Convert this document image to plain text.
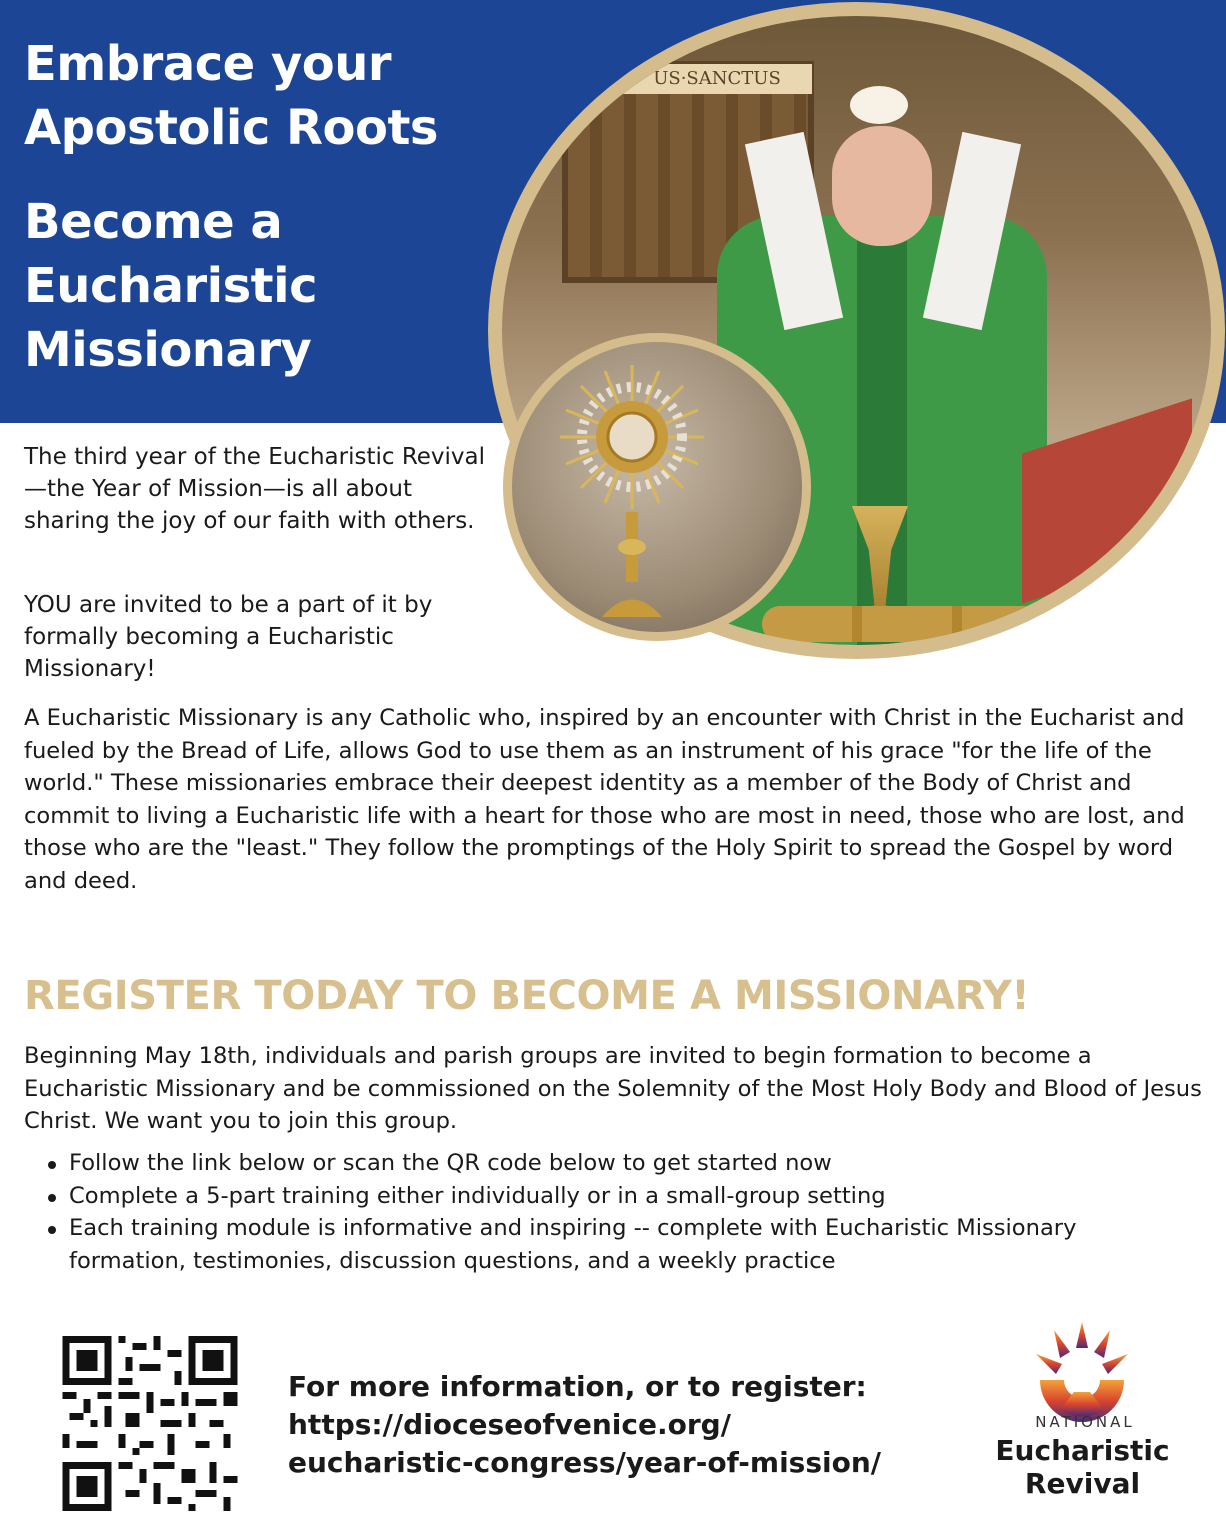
Embrace your Apostolic Roots
Become a Eucharistic Missionary
US·SANCTUS

The third year of the Eucharistic Revival—the Year of Mission—is all about sharing the joy of our faith with others.

YOU are invited to be a part of it by formally becoming a Eucharistic Missionary!

A Eucharistic Missionary is any Catholic who, inspired by an encounter with Christ in the Eucharist and fueled by the Bread of Life, allows God to use them as an instrument of his grace "for the life of the world." These missionaries embrace their deepest identity as a member of the Body of Christ and commit to living a Eucharistic life with a heart for those who are most in need, those who are lost, and those who are the "least." They follow the promptings of the Holy Spirit to spread the Gospel by word and deed.

REGISTER TODAY TO BECOME A MISSIONARY!

Beginning May 18th, individuals and parish groups are invited to begin formation to become a Eucharistic Missionary and be commissioned on the Solemnity of the Most Holy Body and Blood of Jesus Christ. We want you to join this group.

Follow the link below or scan the QR code below to get started now
Complete a 5-part training either individually or in a small-group setting
Each training module is informative and inspiring -- complete with Eucharistic Missionary formation, testimonies, discussion questions, and a weekly practice

For more information, or to register:
https://dioceseofvenice.org/
eucharistic-congress/year-of-mission/

NATIONAL
Eucharistic
Revival
